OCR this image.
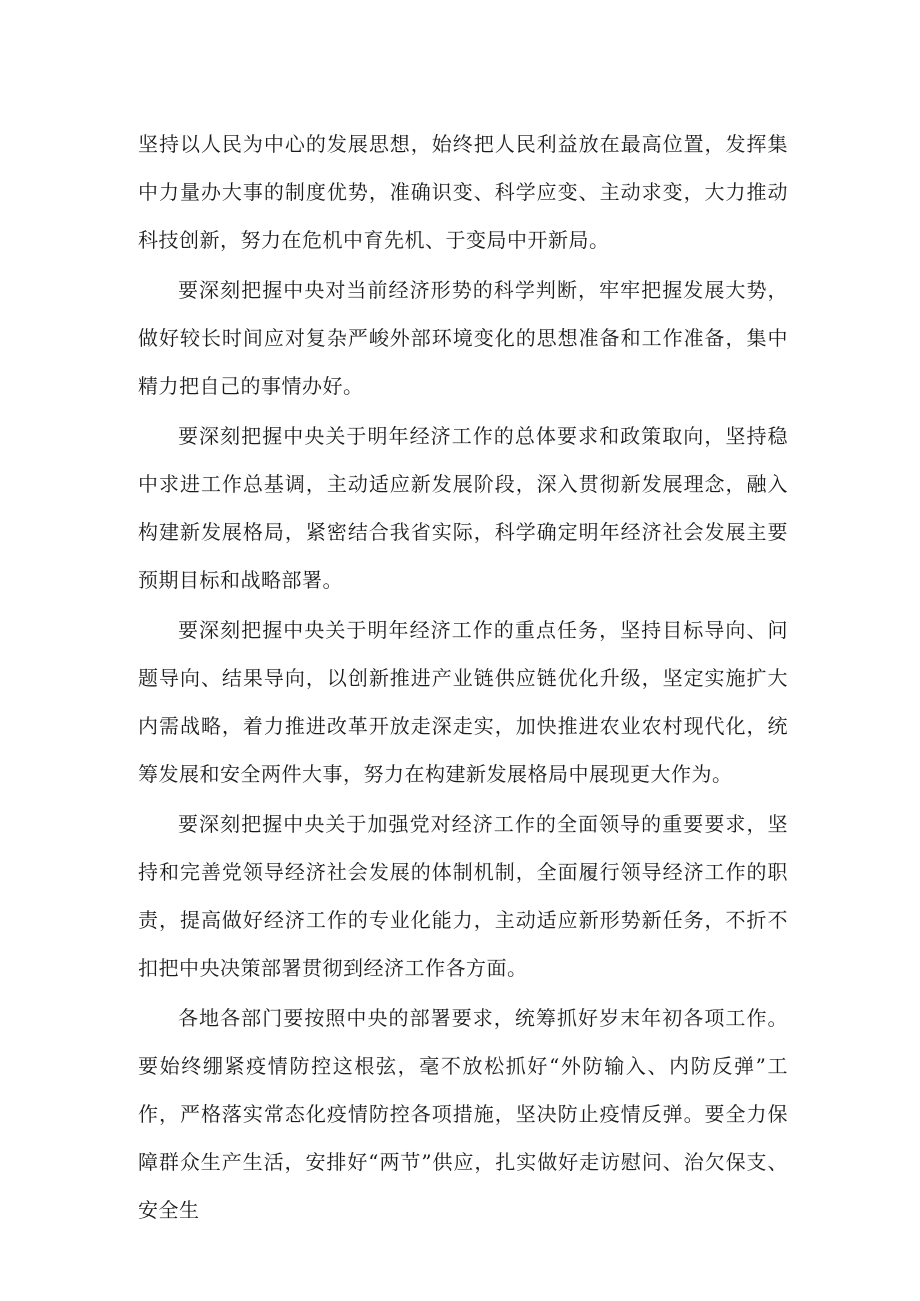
坚持以人民为中心的发展思想，始终把人民利益放在最高位置，发挥集中力量办大事的制度优势，准确识变、科学应变、主动求变，大力推动科技创新，努力在危机中育先机、于变局中开新局。

要深刻把握中央对当前经济形势的科学判断，牢牢把握发展大势，做好较长时间应对复杂严峻外部环境变化的思想准备和工作准备，集中精力把自己的事情办好。

要深刻把握中央关于明年经济工作的总体要求和政策取向，坚持稳中求进工作总基调，主动适应新发展阶段，深入贯彻新发展理念，融入构建新发展格局，紧密结合我省实际，科学确定明年经济社会发展主要预期目标和战略部署。

要深刻把握中央关于明年经济工作的重点任务，坚持目标导向、问题导向、结果导向，以创新推进产业链供应链优化升级，坚定实施扩大内需战略，着力推进改革开放走深走实，加快推进农业农村现代化，统筹发展和安全两件大事，努力在构建新发展格局中展现更大作为。

要深刻把握中央关于加强党对经济工作的全面领导的重要要求，坚持和完善党领导经济社会发展的体制机制，全面履行领导经济工作的职责，提高做好经济工作的专业化能力，主动适应新形势新任务，不折不扣把中央决策部署贯彻到经济工作各方面。

各地各部门要按照中央的部署要求，统筹抓好岁末年初各项工作。要始终绷紧疫情防控这根弦，毫不放松抓好“外防输入、内防反弹”工作，严格落实常态化疫情防控各项措施，坚决防止疫情反弹。要全力保障群众生产生活，安排好“两节”供应，扎实做好走访慰问、治欠保支、安全生
